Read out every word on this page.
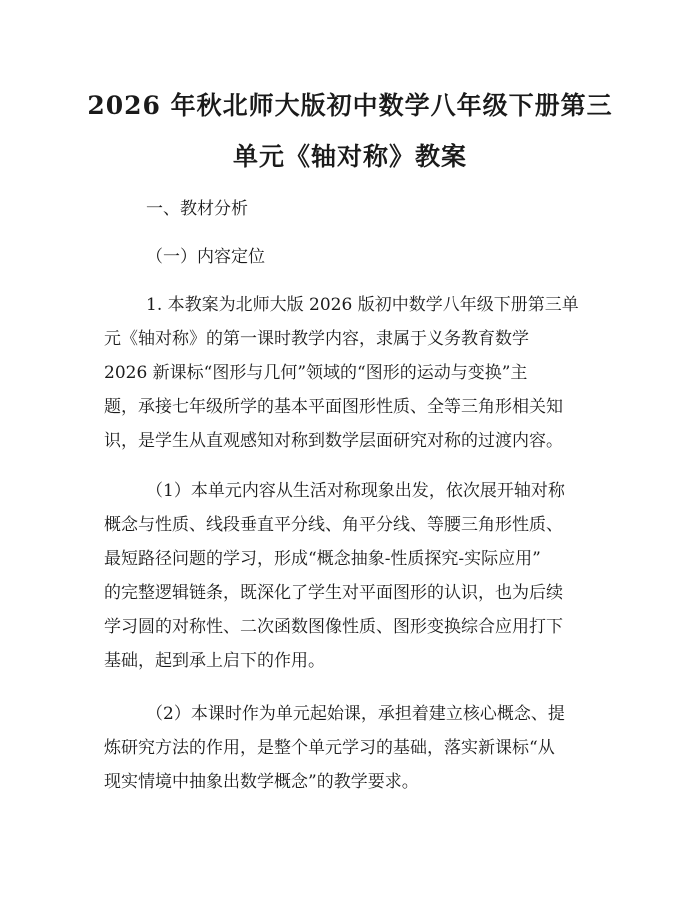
2026 年秋北师大版初中数学八年级下册第三
单元《轴对称》教案
一、教材分析
（一）内容定位
1. 本教案为北师大版 2026 版初中数学八年级下册第三单
元《轴对称》的第一课时教学内容，隶属于义务教育数学
2026 新课标“图形与几何”领域的“图形的运动与变换”主
题，承接七年级所学的基本平面图形性质、全等三角形相关知
识，是学生从直观感知对称到数学层面研究对称的过渡内容。
（1）本单元内容从生活对称现象出发，依次展开轴对称
概念与性质、线段垂直平分线、角平分线、等腰三角形性质、
最短路径问题的学习，形成“概念抽象-性质探究-实际应用”
的完整逻辑链条，既深化了学生对平面图形的认识，也为后续
学习圆的对称性、二次函数图像性质、图形变换综合应用打下
基础，起到承上启下的作用。
（2）本课时作为单元起始课，承担着建立核心概念、提
炼研究方法的作用，是整个单元学习的基础，落实新课标“从
现实情境中抽象出数学概念”的教学要求。
